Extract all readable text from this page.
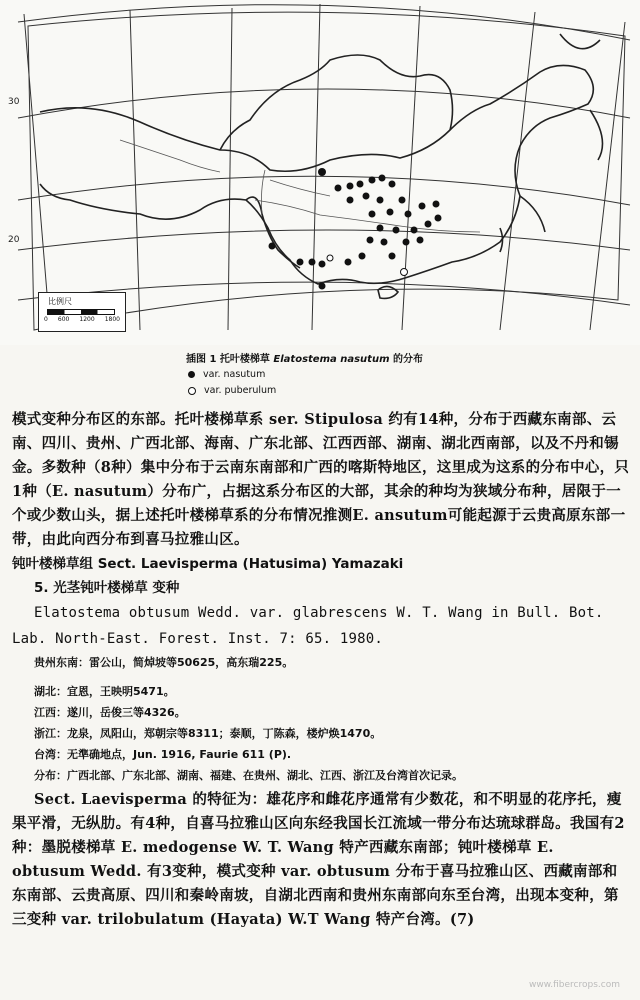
30
20
比例尺
0 600 1200 1800
插图 1 托叶楼梯草 Elatostema nasutum 的分布
var. nasutum
var. puberulum

模式变种分布区的东部。托叶楼梯草系 ser. Stipulosa 约有14种，分布于西藏东南部、云南、四川、贵州、广西北部、海南、广东北部、江西西部、湖南、湖北西南部，以及不丹和锡金。多数种（8种）集中分布于云南东南部和广西的喀斯特地区，这里成为这系的分布中心，只1种（E. nasutum）分布广，占据这系分布区的大部，其余的种均为狭域分布种，居限于一个或少数山头，据上述托叶楼梯草系的分布情况推测E. ansutum可能起源于云贵高原东部一带，由此向西分布到喜马拉雅山区。

钝叶楼梯草组 Sect. Laevisperma (Hatusima) Yamazaki

5. 光茎钝叶楼梯草 变种

Elatostema obtusum Wedd. var. glabrescens W. T. Wang in Bull. Bot.

Lab. North-East. Forest. Inst. 7: 65. 1980.

贵州东南：雷公山，简焯坡等50625，高东瑞225。

湖北：宜恩，王映明5471。

江西：遂川，岳俊三等4326。

浙江：龙泉，凤阳山，郑朝宗等8311；泰顺，丁陈森，楼炉焕1470。

台湾：无準确地点，Jun. 1916, Faurie 611 (P).

分布：广西北部、广东北部、湖南、福建、在贵州、湖北、江西、浙江及台湾首次记录。

Sect. Laevisperma 的特征为：雄花序和雌花序通常有少数花，和不明显的花序托，瘦果平滑，无纵肋。有4种，自喜马拉雅山区向东经我国长江流域一带分布达琉球群岛。我国有2种：墨脱楼梯草 E. medogense W. T. Wang 特产西藏东南部；钝叶楼梯草 E. obtusum Wedd. 有3变种，模式变种 var. obtusum 分布于喜马拉雅山区、西藏南部和东南部、云贵高原、四川和秦岭南坡，自湖北西南和贵州东南部向东至台湾，出现本变种，第三变种 var. trilobulatum (Hayata) W.T Wang 特产台湾。(7)

www.fibercrops.com
